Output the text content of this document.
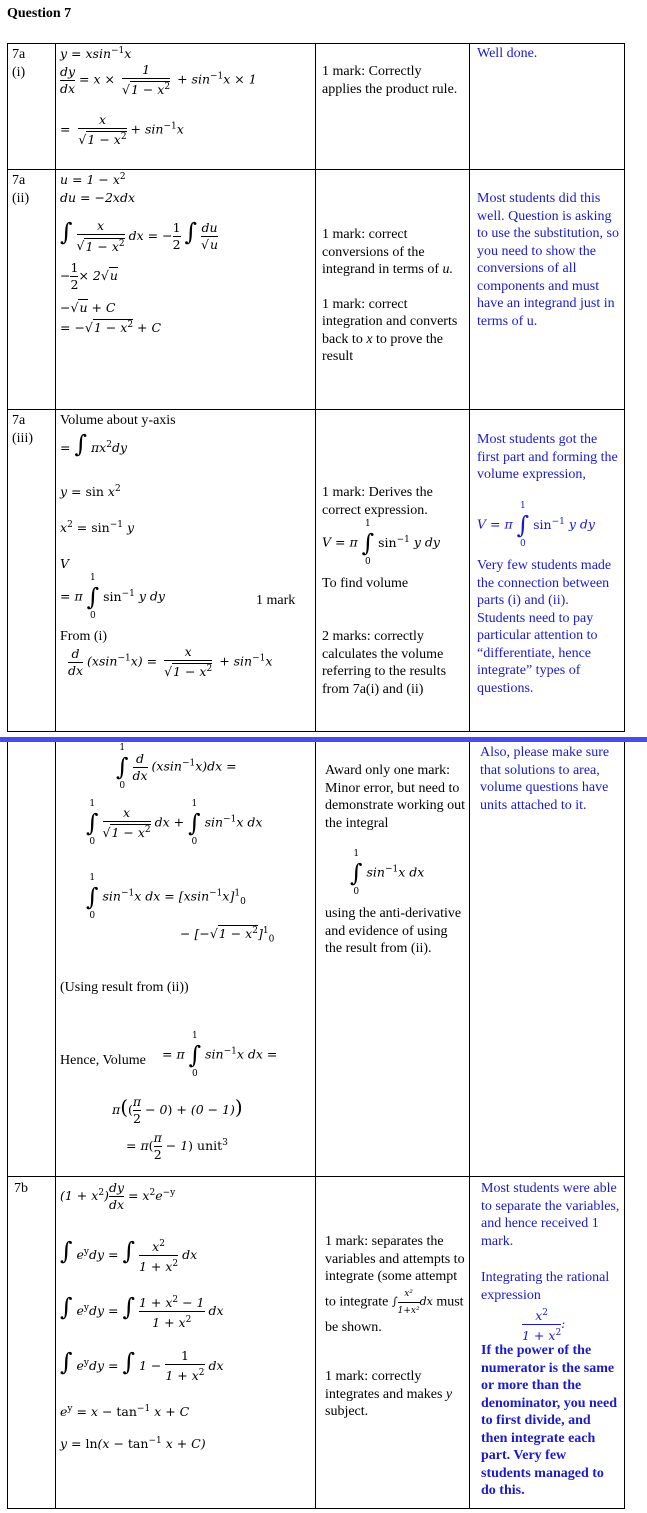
Question 7
7a
(i)
y = xsin$^{-1}$x
$\frac{dy}{dx} = x \times \frac{1}{√1 - x^2} + \sin^{-1}x \times 1$
= $\frac{x}{√1 - x^2} + \sin^{-1}x$
1 mark: Correctly applies the product rule.
Well done.
7a
(ii)
$u = 1 - x^2$
du = −2xdx
∫ $\frac{x}{√1 - x^2}$ dx = − $\frac{1}{2}$ ∫ $\frac{du}{√u}$
− $\frac{1}{2} \times 2√u$
−√u + C
= $-√1 - x^2 + C$
1 mark: correct conversions of the integrand in terms of u.
1 mark: correct integration and converts back to x to prove the result
Most students did this well. Question is asking to use the substitution, so you need to show the conversions of all components and must have an integrand just in terms of u.
7a
(iii)
Volume about y-axis
= ∫ $\pi x^2dy$
$y = \sin x^2$
$x^2 = \sin^{-1} y$
V
= π
1
∫
0
$\sin^{-1} y$ dy	1 mark
From (i)
$\frac{d}{dx} (xsin^{-1}x) = \frac{x}{√1 - x^2} + \sin^{-1}x$
1 mark: Derives the correct expression.
V = π
1
∫
0
$\sin^{-1} y$ dy
To find volume
2 marks: correctly calculates the volume referring to the results from 7a(i) and (ii)
Most students got the first part and forming the volume expression,
V = π
1
∫
0
$\sin^{-1} y$ dy
Very few students made the connection between parts (i) and (ii). Students need to pay particular attention to “differentiate, hence integrate” types of questions.
1
∫
0

$\frac{d}{dx} (xsin^{-1}x)dx$ =
1
∫
0

$\frac{x}{√1 - x^2}$ dx +
1
∫
0
$\sin^{-1}x$ dx
1
∫
0
$\sin^{-1}x$ dx = $[xsin^{-1}x]^1_0$
− $[-√1 - x^2]^1_0$
(Using result from (ii))
Hence, Volume = π
1
∫
0
$\sin^{-1}x$ dx =
$\pi(( \frac{\pi}{2} - 0) + (0 - 1))$
= $\pi( \frac{\pi}{2} - 1)$ unit$^3$
Award only one mark: Minor error, but need to demonstrate working out the integral
1
∫
0
$\sin^{-1}x$ dx
using the anti-derivative and evidence of using the result from (ii).
Also, please make sure that solutions to area, volume questions have units attached to it.
7b	$(1 + x^2) \frac{dy}{dx} = x^2e^{-y}$
∫ $e^ydy$ = ∫ $\frac{x^2}{1 + x^2}$ dx
∫ $e^ydy$ = ∫ $\frac{1 + x^2 - 1}{1 + x^2}$ dx
∫ $e^ydy$ = ∫ $1 - \frac{1}{1 + x^2}$ dx
$e^y = x - \tan^{-1} x + C$
$y = \ln(x - \tan^{-1} x + C)$
1 mark: separates the variables and attempts to integrate (some attempt to integrate ∫ $\frac{\text{x²}}{\text{1+x²}}$ dx must be shown.
1 mark: correctly integrates and makes y subject.
Most students were able to separate the variables, and hence received 1 mark.
Integrating the rational expression
$\frac{x^2}{1 + x^2}$ :
If the power of the numerator is the same or more than the denominator, you need to first divide, and then integrate each part. Very few students managed to do this.
